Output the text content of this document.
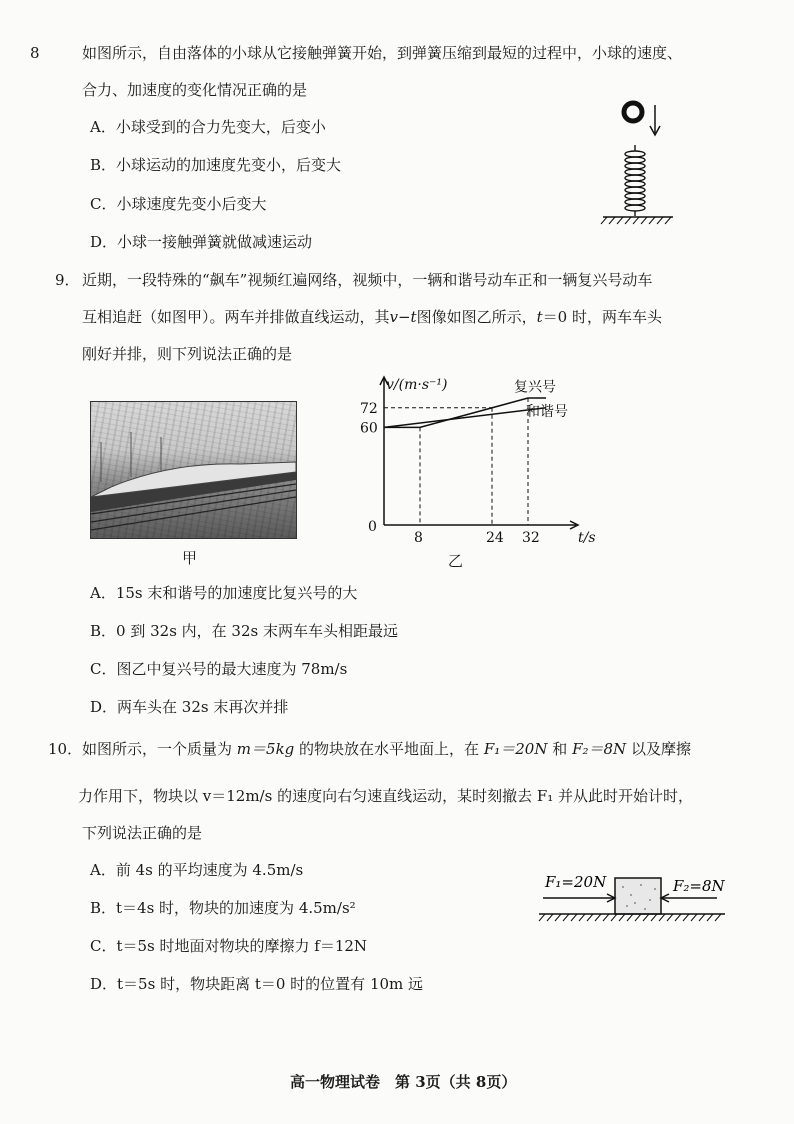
8	如图所示，自由落体的小球从它接触弹簧开始，到弹簧压缩到最短的过程中，小球的速度、
合力、加速度的变化情况正确的是
A．小球受到的合力先变大，后变小
B．小球运动的加速度先变小，后变大
C．小球速度先变小后变大
D．小球一接触弹簧就做减速运动
9． 近期，一段特殊的“飙车”视频红遍网络，视频中，一辆和谐号动车正和一辆复兴号动车
互相追赶（如图甲）。两车并排做直线运动，其v−t图像如图乙所示，t＝0 时，两车车头
刚好并排，则下列说法正确的是
甲
v/(m·s⁻¹)
t/s
0
60
72
8	24 32
复兴号
和谐号
乙
A．15s 末和谐号的加速度比复兴号的大
B．0 到 32s 内，在 32s 末两车车头相距最远
C．图乙中复兴号的最大速度为 78m/s
D．两车头在 32s 末再次并排
10． 如图所示，一个质量为 m＝5kg 的物块放在水平地面上，在 F₁＝20N 和 F₂＝8N 以及摩擦
力作用下，物块以 v＝12m/s 的速度向右匀速直线运动，某时刻撤去 F₁ 并从此时开始计时，
下列说法正确的是
A．前 4s 的平均速度为 4.5m/s
B．t＝4s 时，物块的加速度为 4.5m/s²
C．t＝5s 时地面对物块的摩擦力 f＝12N
D．t＝5s 时，物块距离 t＝0 时的位置有 10m 远
F₁=20N	F₂=8N
高一物理试卷　第 3页（共 8页）
